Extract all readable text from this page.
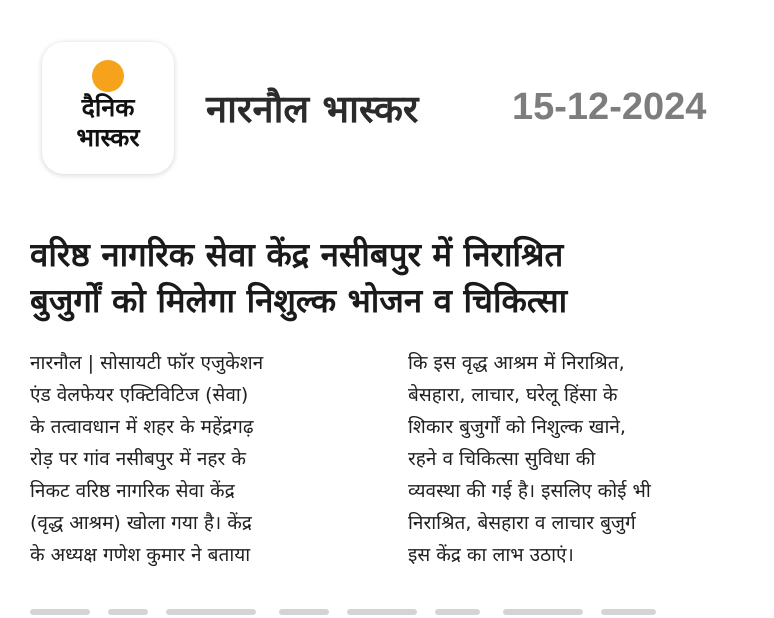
दैनिक
भास्कर
नारनौल भास्कर 15-12-2024
वरिष्ठ नागरिक सेवा केंद्र नसीबपुर में निराश्रित
बुजुर्गों को मिलेगा निशुल्क भोजन व चिकित्सा
नारनौल | सोसायटी फॉर एजुकेशन
एंड वेलफेयर एक्टिविटिज (सेवा)
के तत्वावधान में शहर के महेंद्रगढ़
रोड़ पर गांव नसीबपुर में नहर के
निकट वरिष्ठ नागरिक सेवा केंद्र
(वृद्ध आश्रम) खोला गया है। केंद्र
के अध्यक्ष गणेश कुमार ने बताया
कि इस वृद्ध आश्रम में निराश्रित,
बेसहारा, लाचार, घरेलू हिंसा के
शिकार बुजुर्गों को निशुल्क खाने,
रहने व चिकित्सा सुविधा की
व्यवस्था की गई है। इसलिए कोई भी
निराश्रित, बेसहारा व लाचार बुजुर्ग
इस केंद्र का लाभ उठाएं।
